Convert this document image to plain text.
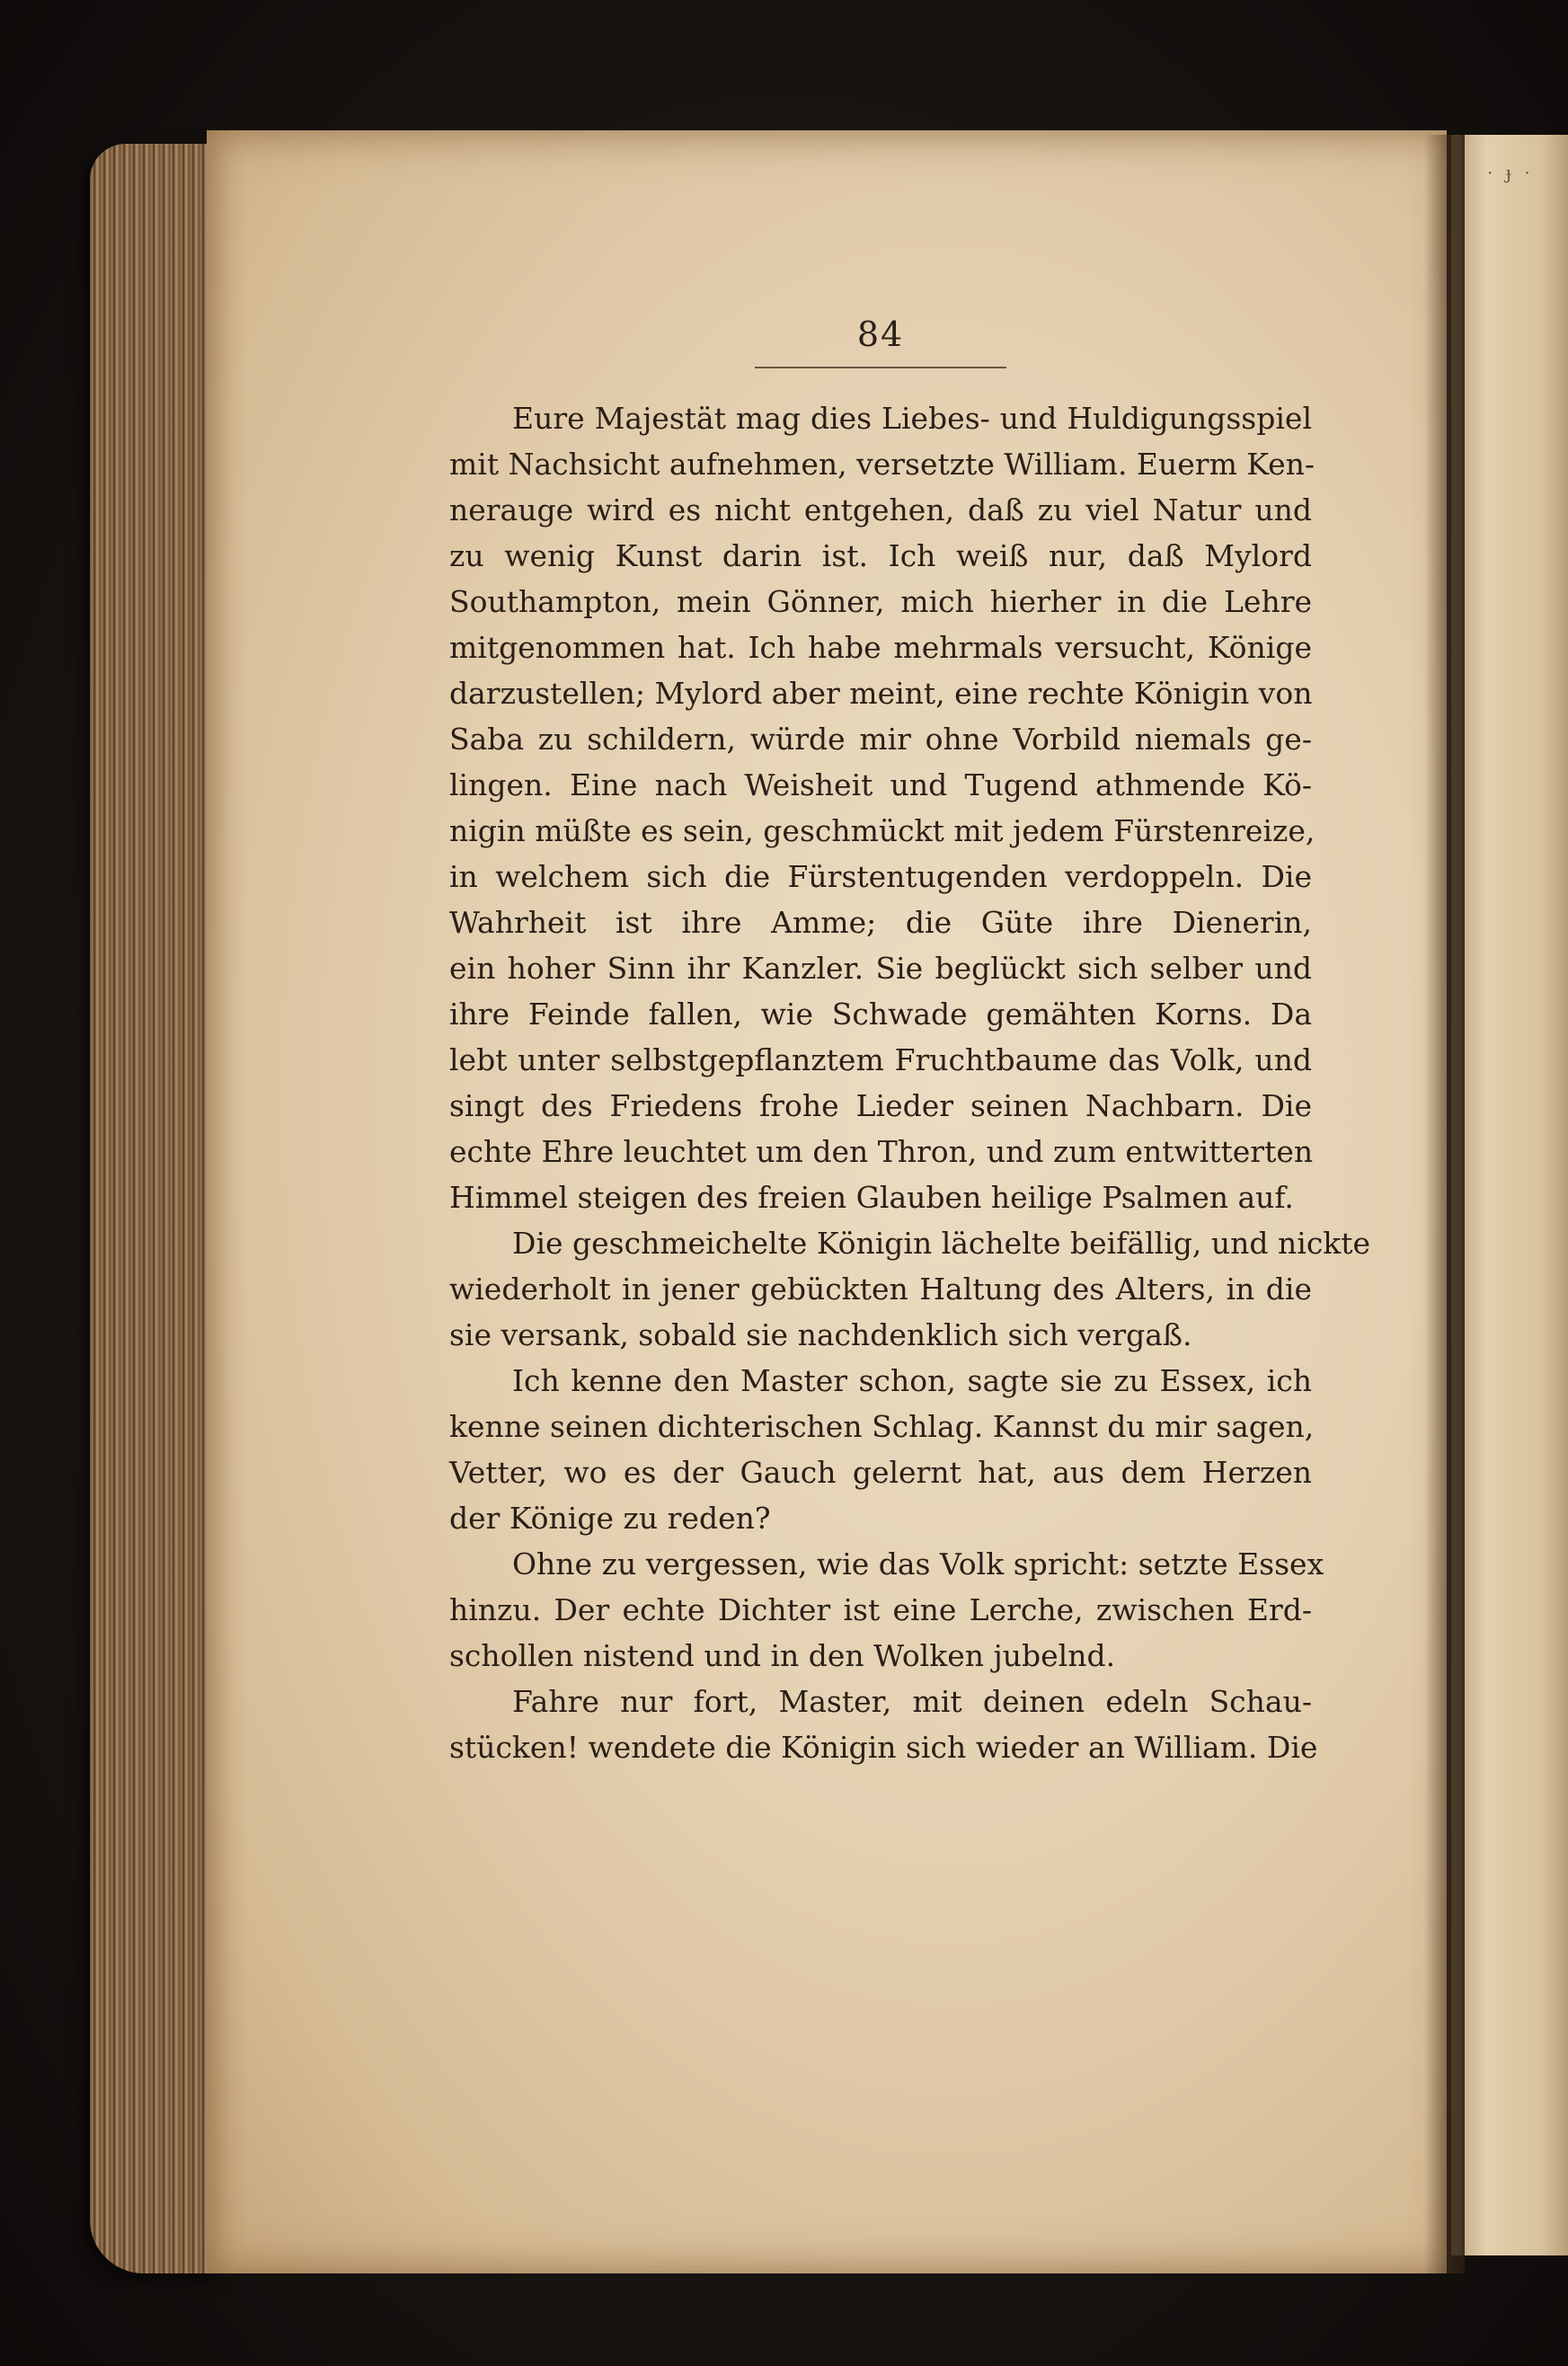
· ɟ ·
84
Eure Majestät mag dies Liebes- und Huldigungsspiel
mit Nachsicht aufnehmen, versetzte William. Euerm Ken-
nerauge wird es nicht entgehen, daß zu viel Natur und
zu wenig Kunst darin ist. Ich weiß nur, daß Mylord
Southampton, mein Gönner, mich hierher in die Lehre
mitgenommen hat. Ich habe mehrmals versucht, Könige
darzustellen; Mylord aber meint, eine rechte Königin von
Saba zu schildern, würde mir ohne Vorbild niemals ge-
lingen. Eine nach Weisheit und Tugend athmende Kö-
nigin müßte es sein, geschmückt mit jedem Fürstenreize,
in welchem sich die Fürstentugenden verdoppeln. Die
Wahrheit ist ihre Amme; die Güte ihre Dienerin,
ein hoher Sinn ihr Kanzler. Sie beglückt sich selber und
ihre Feinde fallen, wie Schwade gemähten Korns. Da
lebt unter selbstgepflanztem Fruchtbaume das Volk, und
singt des Friedens frohe Lieder seinen Nachbarn. Die
echte Ehre leuchtet um den Thron, und zum entwitterten
Himmel steigen des freien Glauben heilige Psalmen auf.
Die geschmeichelte Königin lächelte beifällig, und nickte
wiederholt in jener gebückten Haltung des Alters, in die
sie versank, sobald sie nachdenklich sich vergaß.
Ich kenne den Master schon, sagte sie zu Essex, ich
kenne seinen dichterischen Schlag. Kannst du mir sagen,
Vetter, wo es der Gauch gelernt hat, aus dem Herzen
der Könige zu reden?
Ohne zu vergessen, wie das Volk spricht: setzte Essex
hinzu. Der echte Dichter ist eine Lerche, zwischen Erd-
schollen nistend und in den Wolken jubelnd.
Fahre nur fort, Master, mit deinen edeln Schau-
stücken! wendete die Königin sich wieder an William. Die
